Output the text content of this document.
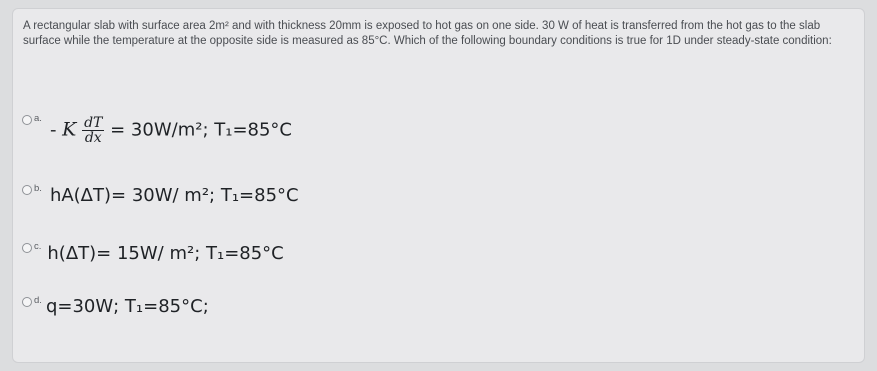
A rectangular slab with surface area 2m² and with thickness 20mm is exposed to hot gas on one side. 30 W of heat is transferred from the hot gas to the slab surface while the temperature at the opposite side is measured as 85°C. Which of the following boundary conditions is true for 1D under steady-state condition:
a.
- K $\frac{dT}{dx} = 30W/m^2$; T₁=85°C
b. hA(ΔT)= 30W/ m²; T₁=85°C
c. h(ΔT)= 15W/ m²; T₁=85°C
d. q=30W; T₁=85°C;
